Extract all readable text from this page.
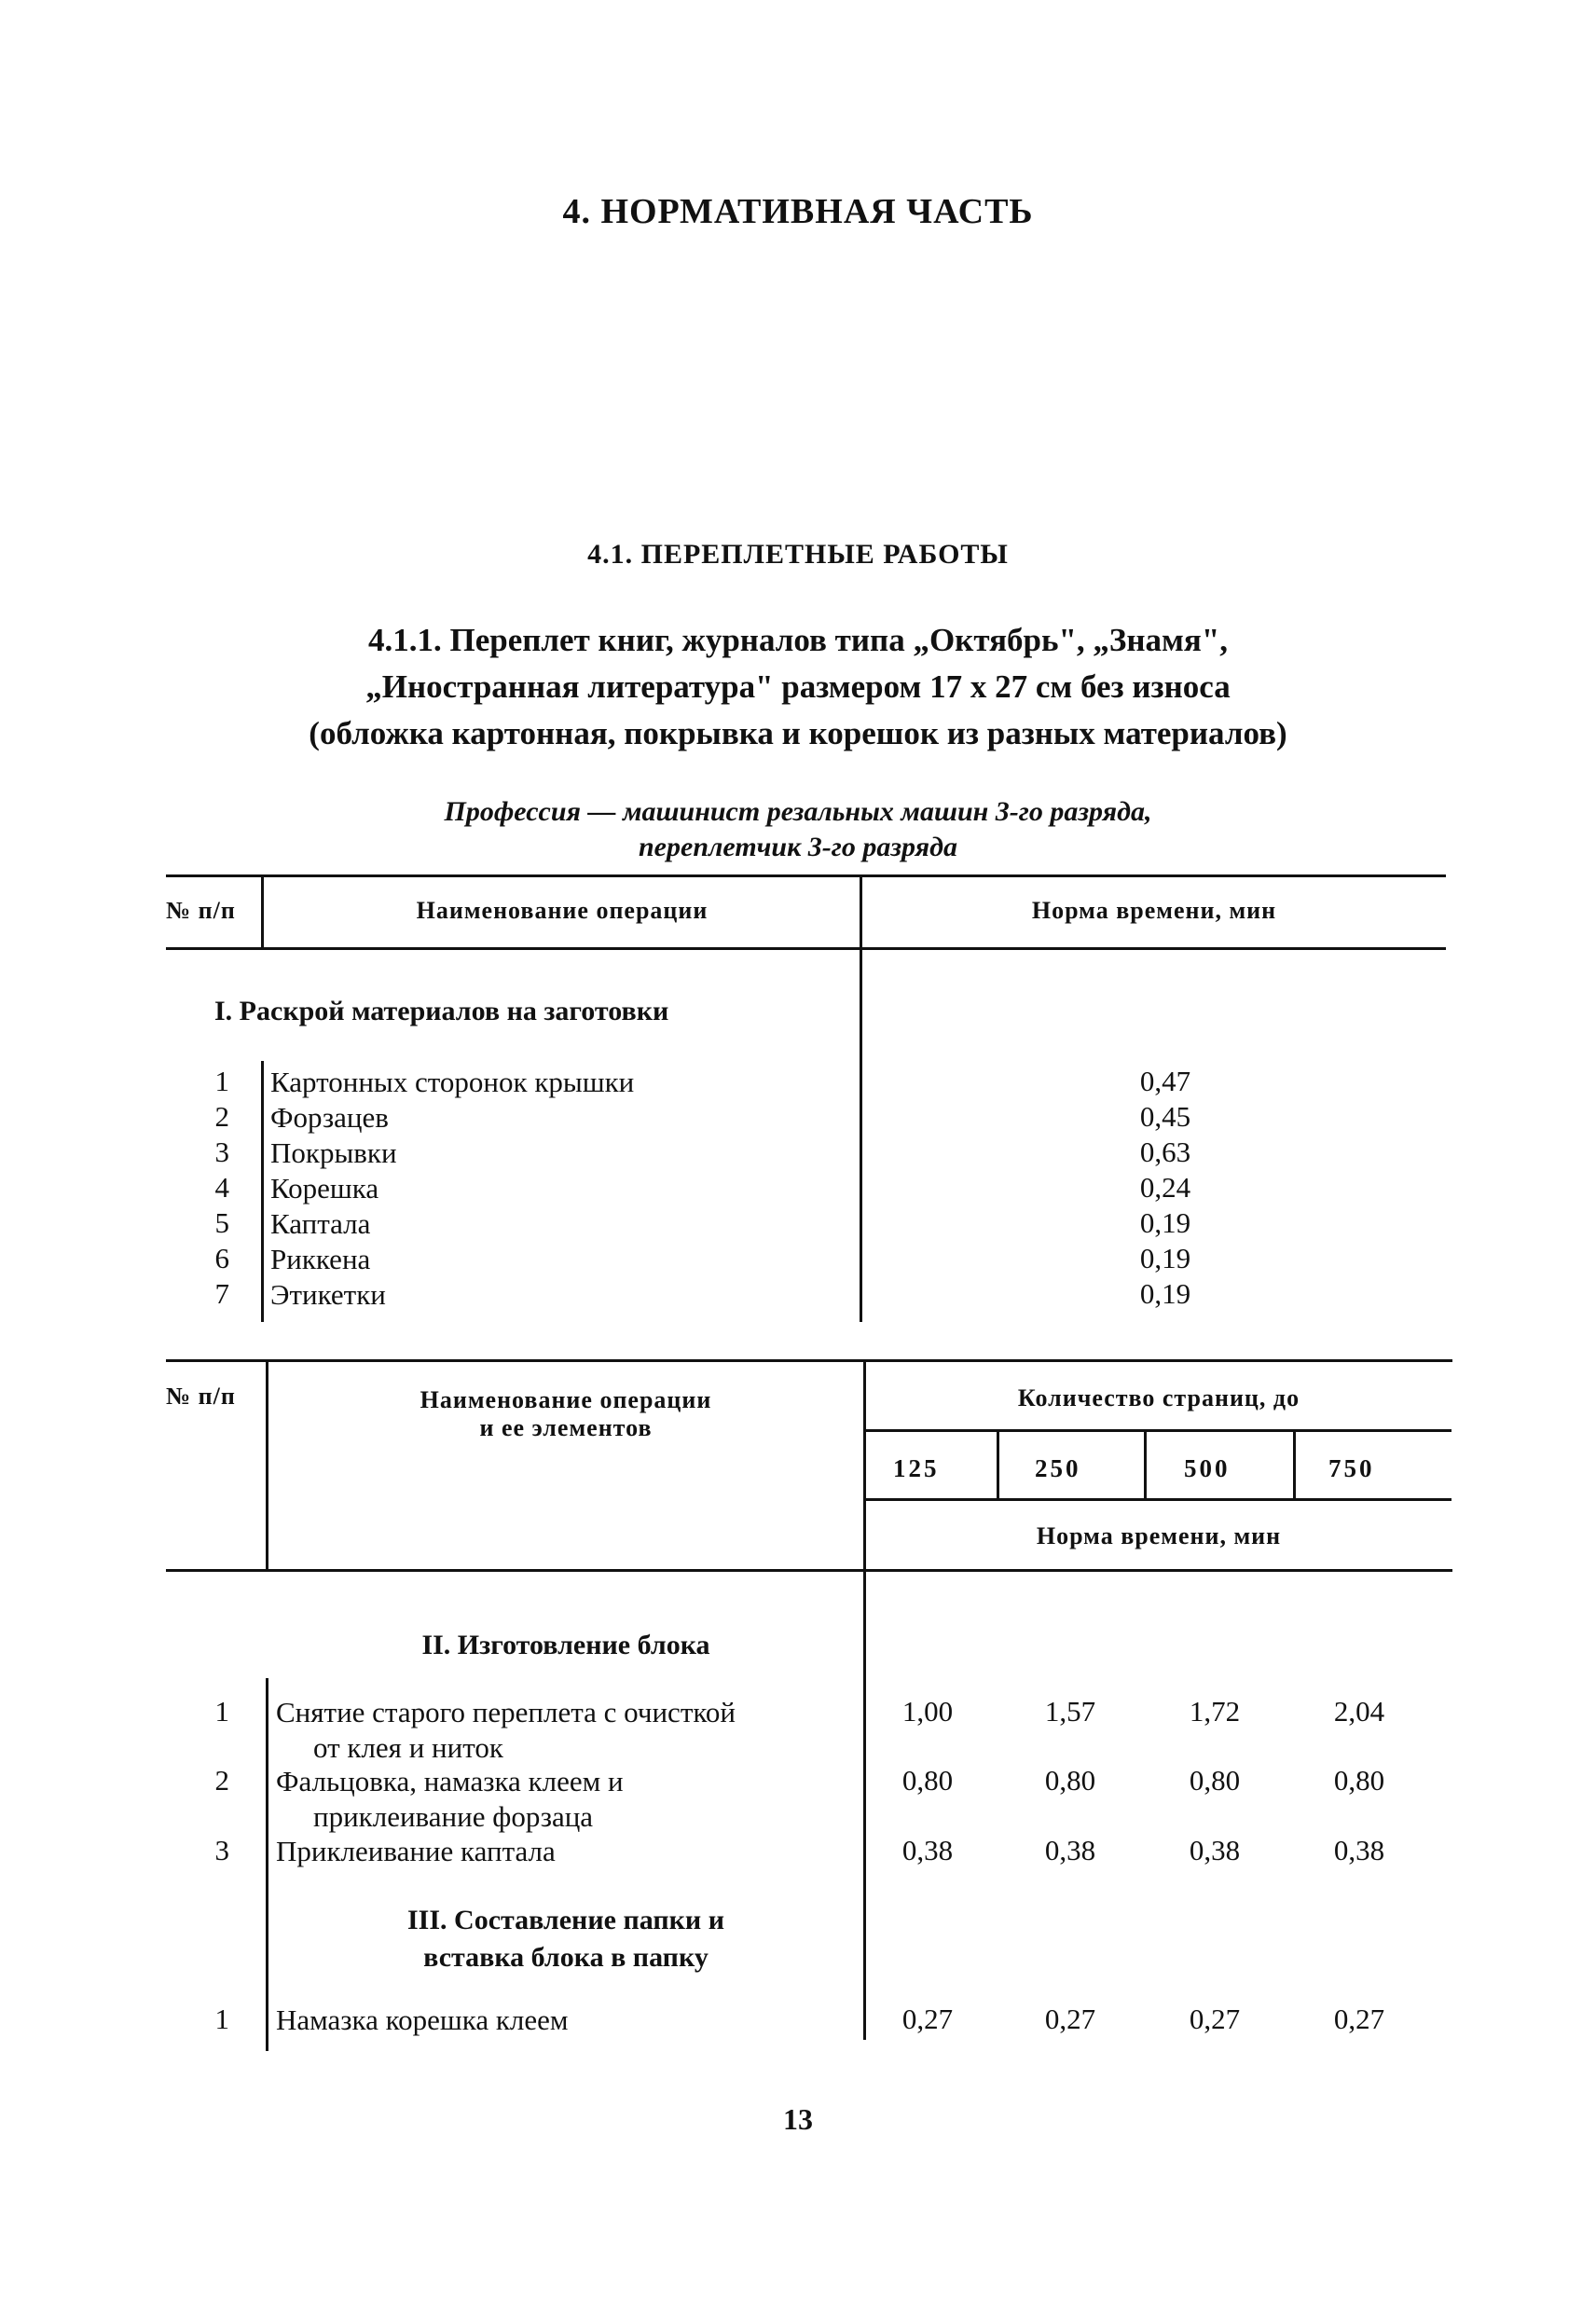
4. НОРМАТИВНАЯ ЧАСТЬ
4.1. ПЕРЕПЛЕТНЫЕ РАБОТЫ
4.1.1. Переплет книг, журналов типа „Октябрь", „Знамя",
„Иностранная литература" размером 17 x 27 см без износа
(обложка картонная, покрывка и корешок из разных материалов)
Профессия — машинист резальных машин 3-го разряда,
переплетчик 3-го разряда
№ п/п	Наименование операции	Норма времени, мин
I. Раскрой материалов на заготовки
1 Картонных сторонок крышки	0,47
2 Форзацев	0,45
3 Покрывки	0,63
4 Корешка	0,24
5 Каптала	0,19
6 Риккена	0,19
7 Этикетки	0,19
№ п/п	Наименование операции
и ее элементов
Количество страниц, до
125	250	500	750
Норма времени, мин
II. Изготовление блока
1 Снятие старого переплета с очисткой
от клея и ниток
1,00	1,57	1,72	2,04
2 Фальцовка, намазка клеем и
приклеивание форзаца
0,80	0,80	0,80	0,80
3 Приклеивание каптала	0,38	0,38	0,38	0,38
III. Составление папки и
вставка блока в папку
1 Намазка корешка клеем	0,27	0,27	0,27	0,27
13
